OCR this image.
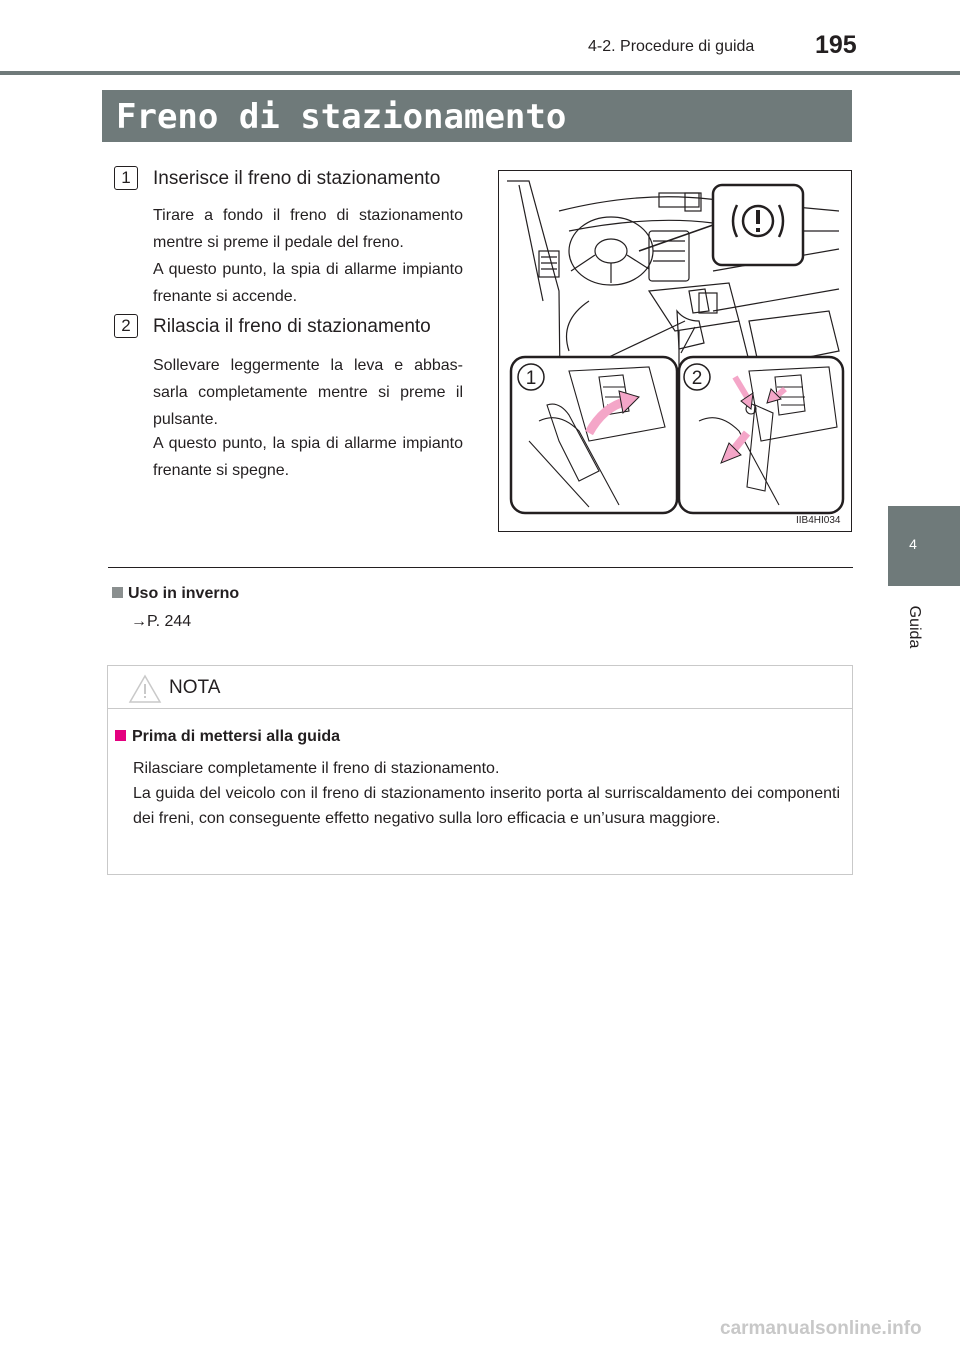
4-2. Procedure di guida 195
4
Guida
Freno di stazionamento
1	Inserisce il freno di stazionamento
Tirare a fondo il freno di stazionamento mentre si preme il pedale del freno.
A questo punto, la spia di allarme impianto frenante si accende.
2	Rilascia il freno di stazionamento
Sollevare leggermente la leva e abbas-sarla completamente mentre si preme il pulsante.
A questo punto, la spia di allarme impianto frenante si spegne.
1	2
IIB4HI034
Uso in inverno
→P. 244
NOTA
Prima di mettersi alla guida
Rilasciare completamente il freno di stazionamento.
La guida del veicolo con il freno di stazionamento inserito porta al surriscaldamento dei componenti dei freni, con conseguente effetto negativo sulla loro efficacia e un’usura maggiore.
carmanualsonline.info
